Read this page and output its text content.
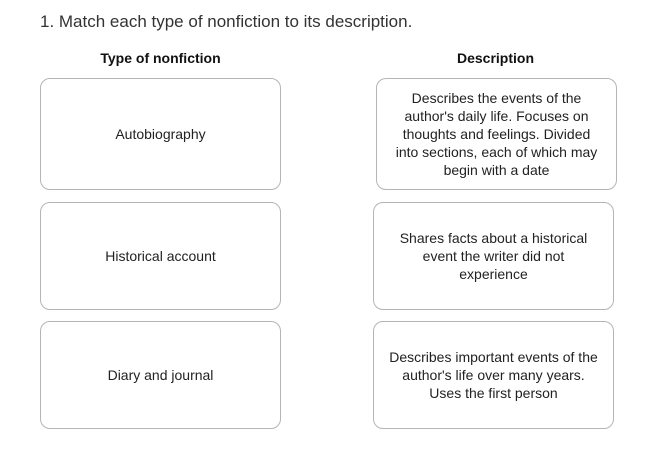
1. Match each type of nonfiction to its description.
Type of nonfiction	Description
Autobiography
Historical account
Diary and journal
Describes the events of the author's daily life. Focuses on thoughts and feelings. Divided into sections, each of which may begin with a date
Shares facts about a historical event the writer did not experience
Describes important events of the author's life over many years. Uses the first person
